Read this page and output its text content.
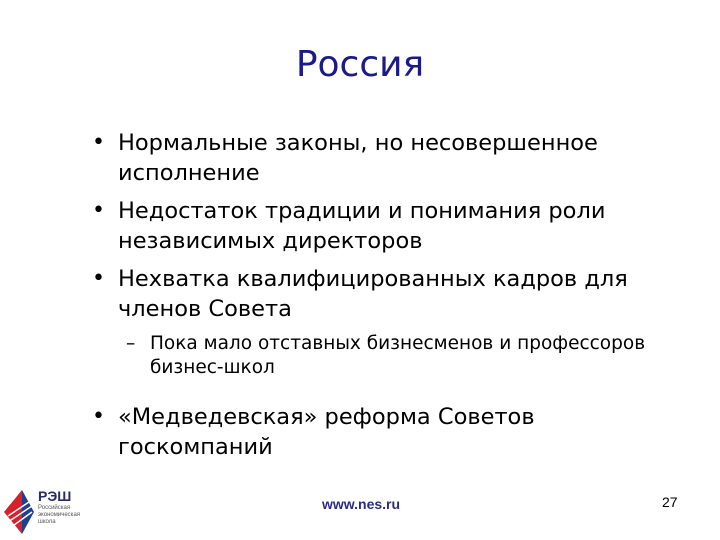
Россия
• Нормальные законы, но несовершенное исполнение
• Недостаток традиции и понимания роли независимых директоров
• Нехватка квалифицированных кадров для членов Совета
– Пока мало отставных бизнесменов и профессоров бизнес-школ
• «Медведевская» реформа Советов госкомпаний
РЭШ
Российская
экономическая
школа
www.nes.ru	27
